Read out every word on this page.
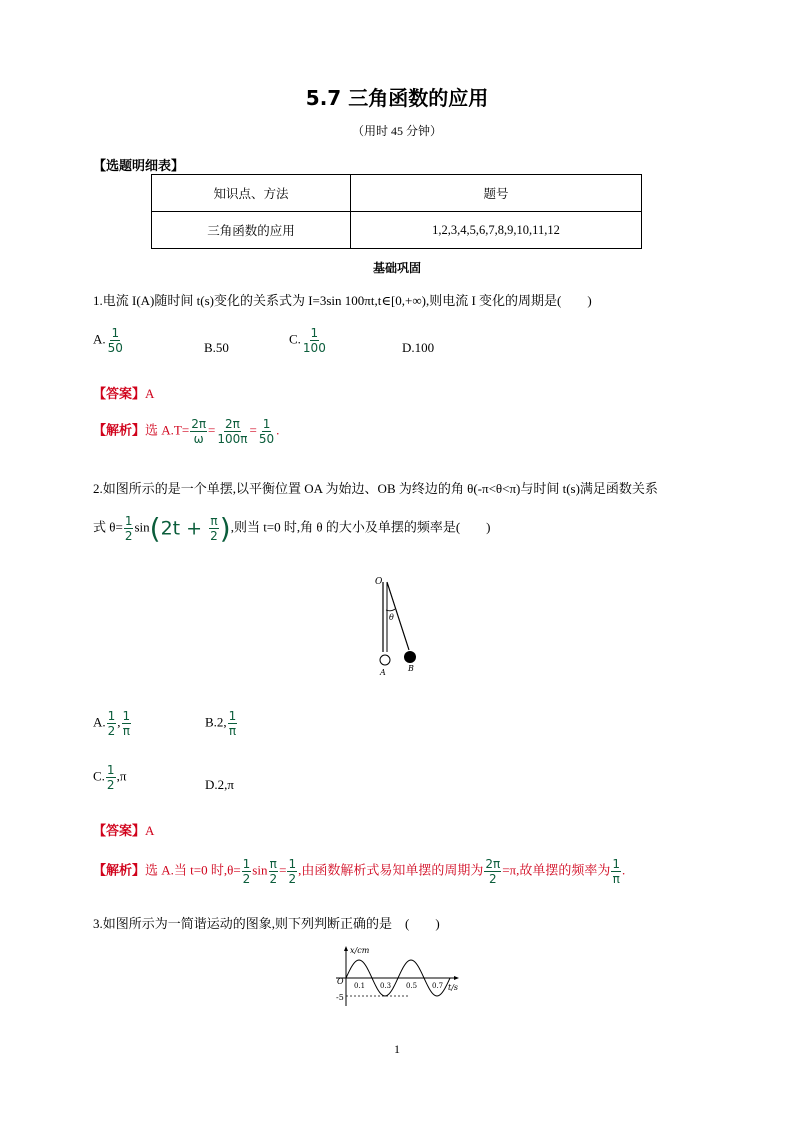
5.7 三角函数的应用
（用时 45 分钟）
【选题明细表】
知识点、方法	题号
三角函数的应用	1,2,3,4,5,6,7,8,9,10,11,12
基础巩固
1.电流 I(A)随时间 t(s)变化的关系式为 I=3sin 100πt,t∈[0,+∞),则电流 I 变化的周期是(　　)
A. $\frac{1}{50}$	B.50
C. $\frac{1}{100}$	D.100
【答案】A
【解析】选 $A.T= \frac{2\pi}{\omega} = \frac{2\pi}{100\pi} = \frac{1}{50}$ .
2.如图所示的是一个单摆,以平衡位置 OA 为始边、OB 为终边的角 θ(-π<θ<π)与时间 t(s)满足函数关系
式 $\theta= \frac{1}{2} \sin(2t + \frac{\pi}{2}$ ),则当 t=0 时,角 θ 的大小及单摆的频率是(　　)
O
θ
A	B
A. $\frac{1}{2}$ , $\frac{1}{\pi}$	B.2, $\frac{1}{\pi}$
C. $\frac{1}{2} ,\pi$
D.2,π
【答案】A
【解析】选 A.当 t=0 时$,\theta= \frac{1}{2}$ $\sin \frac{\pi}{2} = \frac{1}{2}$ ,由函数解析式易知单摆的周期为 $\frac{2\pi}{2} =\pi$,故单摆的频率为 $\frac{1}{\pi}$ .
3.如图所示为一简谐运动的图象,则下列判断正确的是　(　　)
x/cm
O
-5
t/s
0.1 0.3 0.5 0.7
1
